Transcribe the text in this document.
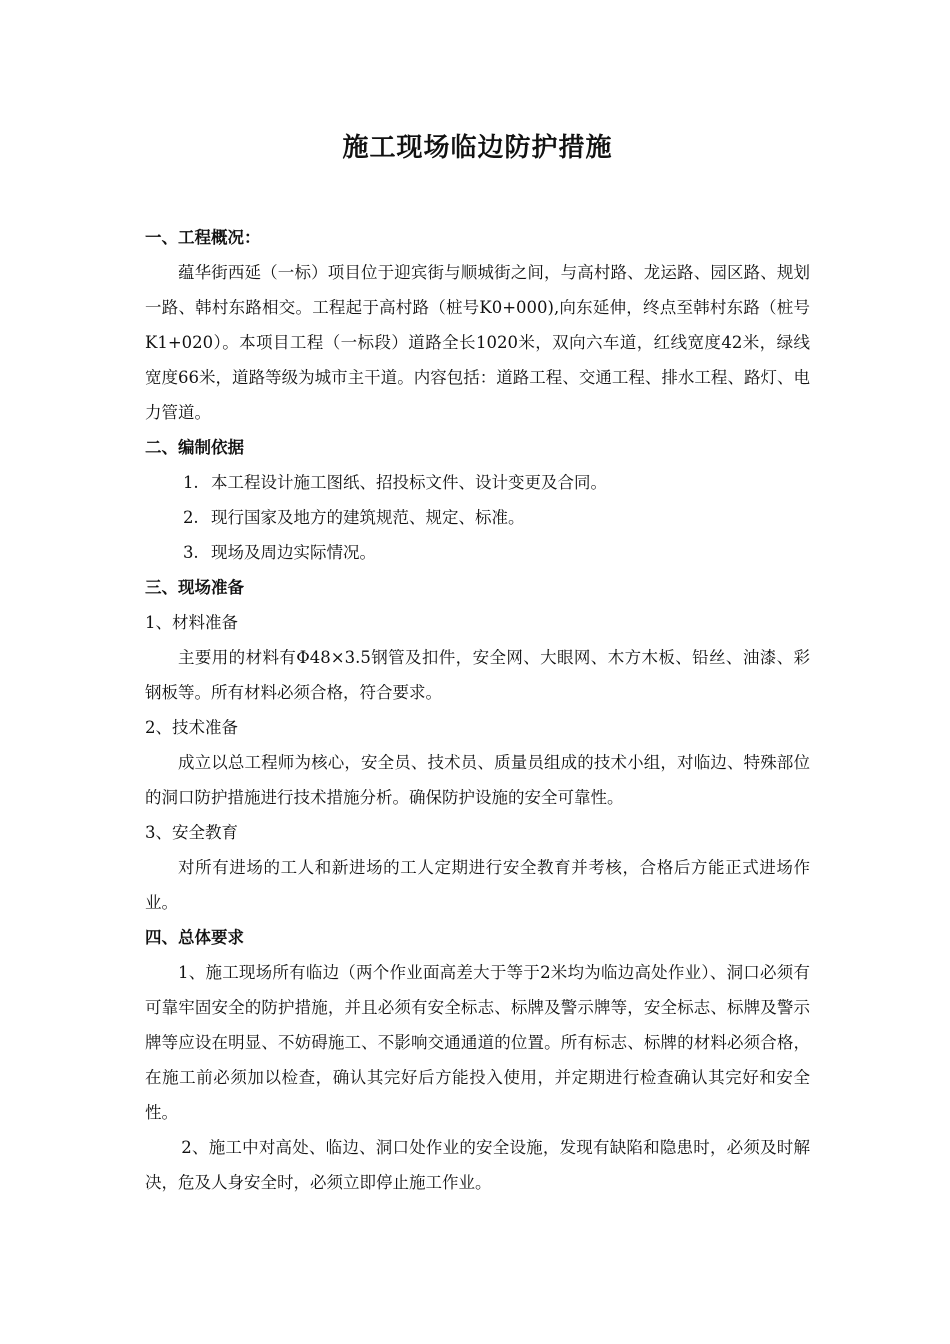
施工现场临边防护措施
一、工程概况：
蕴华街西延（一标）项目位于迎宾街与顺城街之间，与高村路、龙运路、园区路、规划一路、韩村东路相交。工程起于高村路（桩号K0+000),向东延伸，终点至韩村东路（桩号K1+020）。本项目工程（一标段）道路全长1020米，双向六车道，红线宽度42米，绿线宽度66米，道路等级为城市主干道。内容包括：道路工程、交通工程、排水工程、路灯、电力管道。
二、编制依据
1. 本工程设计施工图纸、招投标文件、设计变更及合同。
2. 现行国家及地方的建筑规范、规定、标准。
3. 现场及周边实际情况。
三、现场准备
1、材料准备
主要用的材料有Φ48×3.5钢管及扣件，安全网、大眼网、木方木板、铅丝、油漆、彩钢板等。所有材料必须合格，符合要求。
2、技术准备
成立以总工程师为核心，安全员、技术员、质量员组成的技术小组，对临边、特殊部位的洞口防护措施进行技术措施分析。确保防护设施的安全可靠性。
3、安全教育
对所有进场的工人和新进场的工人定期进行安全教育并考核，合格后方能正式进场作业。
四、总体要求
1、施工现场所有临边（两个作业面高差大于等于2米均为临边高处作业）、洞口必须有可靠牢固安全的防护措施，并且必须有安全标志、标牌及警示牌等，安全标志、标牌及警示牌等应设在明显、不妨碍施工、不影响交通通道的位置。所有标志、标牌的材料必须合格，在施工前必须加以检查，确认其完好后方能投入使用，并定期进行检查确认其完好和安全性。
2、施工中对高处、临边、洞口处作业的安全设施，发现有缺陷和隐患时，必须及时解决，危及人身安全时，必须立即停止施工作业。
